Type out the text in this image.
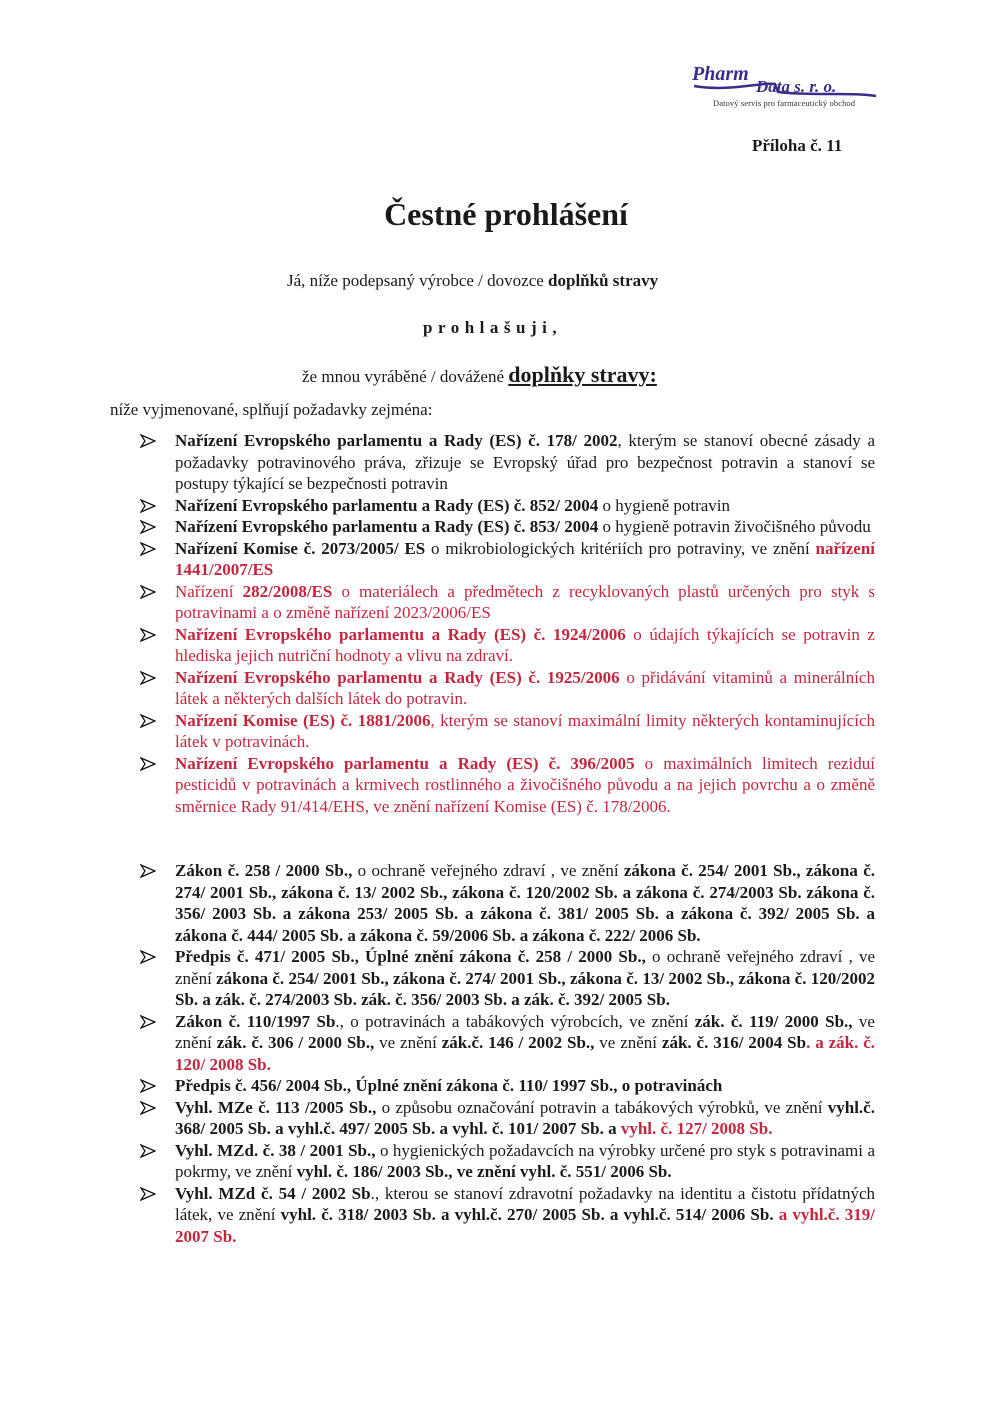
Pharm
Data s. r. o.
Datový servis pro farmaceutický obchod
Příloha č. 11
Čestné prohlášení
Já, níže podepsaný výrobce / dovozce doplňků stravy
prohlašuji,
že mnou vyráběné / dovážené doplňky stravy:
níže vyjmenované, splňují požadavky zejména:
Nařízení Evropského parlamentu a Rady (ES) č. 178/ 2002, kterým se stanoví obecné zásady a požadavky potravinového práva, zřizuje se Evropský úřad pro bezpečnost potravin a stanoví se postupy týkající se bezpečnosti potravin
Nařízení Evropského parlamentu a Rady (ES) č. 852/ 2004 o hygieně potravin
Nařízení Evropského parlamentu a Rady (ES) č. 853/ 2004 o hygieně potravin živočišného původu
Nařízení Komise č. 2073/2005/ ES o mikrobiologických kritériích pro potraviny, ve znění nařízení 1441/2007/ES
Nařízení 282/2008/ES o materiálech a předmětech z recyklovaných plastů určených pro styk s potravinami a o změně nařízení 2023/2006/ES
Nařízení Evropského parlamentu a Rady (ES) č. 1924/2006 o údajích týkajících se potravin z hlediska jejich nutriční hodnoty a vlivu na zdraví.
Nařízení Evropského parlamentu a Rady (ES) č. 1925/2006 o přidávání vitaminů a minerálních látek a některých dalších látek do potravin.
Nařízení Komise (ES) č. 1881/2006, kterým se stanoví maximální limity některých kontaminujících látek v potravinách.
Nařízení Evropského parlamentu a Rady (ES) č. 396/2005 o maximálních limitech reziduí pesticidů v potravinách a krmivech rostlinného a živočišného původu a na jejich povrchu a o změně směrnice Rady 91/414/EHS, ve znění nařízení Komise (ES) č. 178/2006.
Zákon č. 258 / 2000 Sb., o ochraně veřejného zdraví , ve znění zákona č. 254/ 2001 Sb., zákona č. 274/ 2001 Sb., zákona č. 13/ 2002 Sb., zákona č. 120/2002 Sb. a zákona č. 274/2003 Sb. zákona č. 356/ 2003 Sb. a zákona 253/ 2005 Sb. a zákona č. 381/ 2005 Sb. a zákona č. 392/ 2005 Sb. a zákona č. 444/ 2005 Sb. a zákona č. 59/2006 Sb. a zákona č. 222/ 2006 Sb.
Předpis č. 471/ 2005 Sb., Úplné znění zákona č. 258 / 2000 Sb., o ochraně veřejného zdraví , ve znění zákona č. 254/ 2001 Sb., zákona č. 274/ 2001 Sb., zákona č. 13/ 2002 Sb., zákona č. 120/2002 Sb. a zák. č. 274/2003 Sb. zák. č. 356/ 2003 Sb. a zák. č. 392/ 2005 Sb.
Zákon č. 110/1997 Sb., o potravinách a tabákových výrobcích, ve znění zák. č. 119/ 2000 Sb., ve znění zák. č. 306 / 2000 Sb., ve znění zák.č. 146 / 2002 Sb., ve znění zák. č. 316/ 2004 Sb. a zák. č. 120/ 2008 Sb.
Předpis č. 456/ 2004 Sb., Úplné znění zákona č. 110/ 1997 Sb., o potravinách
Vyhl. MZe č. 113 /2005 Sb., o způsobu označování potravin a tabákových výrobků, ve znění vyhl.č. 368/ 2005 Sb. a vyhl.č. 497/ 2005 Sb. a vyhl. č. 101/ 2007 Sb. a vyhl. č. 127/ 2008 Sb.
Vyhl. MZd. č. 38 / 2001 Sb., o hygienických požadavcích na výrobky určené pro styk s potravinami a pokrmy, ve znění vyhl. č. 186/ 2003 Sb., ve znění vyhl. č. 551/ 2006 Sb.
Vyhl. MZd č. 54 / 2002 Sb., kterou se stanoví zdravotní požadavky na identitu a čistotu přídatných látek, ve znění vyhl. č. 318/ 2003 Sb. a vyhl.č. 270/ 2005 Sb. a vyhl.č. 514/ 2006 Sb. a vyhl.č. 319/ 2007 Sb.
